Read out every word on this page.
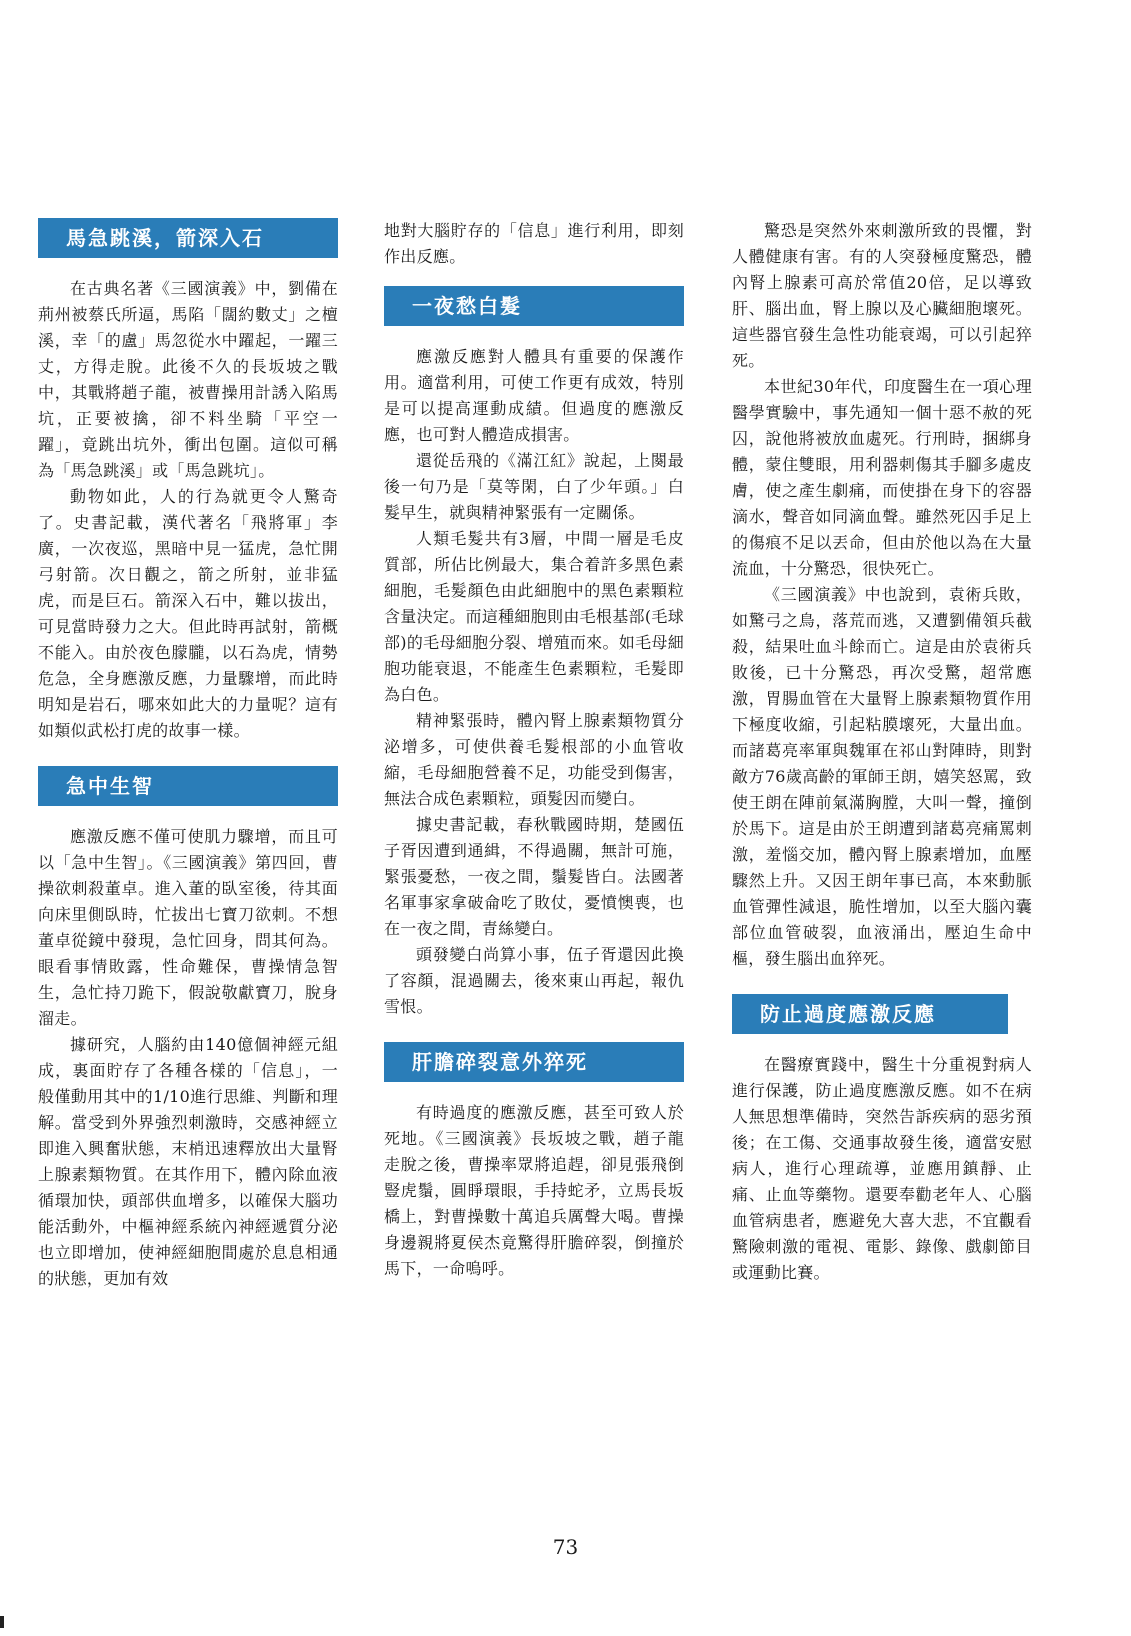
馬急跳溪，箭深入石

在古典名著《三國演義》中，劉備在荊州被蔡氏所逼，馬陷「闊約數丈」之檀溪，幸「的盧」馬忽從水中躍起，一躍三丈，方得走脫。此後不久的長坂坡之戰中，其戰將趙子龍，被曹操用計誘入陷馬坑，正要被擒，卻不料坐騎「平空一躍」，竟跳出坑外，衝出包圍。這似可稱為「馬急跳溪」或「馬急跳坑」。

動物如此，人的行為就更令人驚奇了。史書記載，漢代著名「飛將軍」李廣，一次夜巡，黑暗中見一猛虎，急忙開弓射箭。次日觀之，箭之所射，並非猛虎，而是巨石。箭深入石中，難以拔出，可見當時發力之大。但此時再試射，箭概不能入。由於夜色朦朧，以石為虎，情勢危急，全身應激反應，力量驟增，而此時明知是岩石，哪來如此大的力量呢？這有如類似武松打虎的故事一樣。

急中生智

應激反應不僅可使肌力驟增，而且可以「急中生智」。《三國演義》第四回，曹操欲刺殺董卓。進入董的臥室後，待其面向床里側臥時，忙拔出七寶刀欲刺。不想董卓從鏡中發現，急忙回身，問其何為。眼看事情敗露，性命難保，曹操情急智生，急忙持刀跪下，假說敬獻寶刀，脫身溜走。

據研究，人腦約由140億個神經元組成，裏面貯存了各種各樣的「信息」，一般僅動用其中的1/10進行思維、判斷和理解。當受到外界強烈刺激時，交感神經立即進入興奮狀態，末梢迅速釋放出大量腎上腺素類物質。在其作用下，體內除血液循環加快，頭部供血增多，以確保大腦功能活動外，中樞神經系統內神經遞質分泌也立即增加，使神經細胞間處於息息相通的狀態，更加有效

地對大腦貯存的「信息」進行利用，即刻作出反應。

一夜愁白髮

應激反應對人體具有重要的保護作用。適當利用，可使工作更有成效，特別是可以提高運動成績。但過度的應激反應，也可對人體造成損害。

還從岳飛的《滿江紅》說起，上闋最後一句乃是「莫等閑，白了少年頭。」白髮早生，就與精神緊張有一定關係。

人類毛髮共有3層，中間一層是毛皮質部，所佔比例最大，集合着許多黑色素細胞，毛髮顏色由此細胞中的黑色素顆粒含量決定。而這種細胞則由毛根基部(毛球部)的毛母細胞分裂、增殖而來。如毛母細胞功能衰退，不能產生色素顆粒，毛髮即為白色。

精神緊張時，體內腎上腺素類物質分泌增多，可使供養毛髮根部的小血管收縮，毛母細胞營養不足，功能受到傷害，無法合成色素顆粒，頭髮因而變白。

據史書記載，春秋戰國時期，楚國伍子胥因遭到通緝，不得過關，無計可施，緊張憂愁，一夜之間，鬚髮皆白。法國著名軍事家拿破侖吃了敗仗，憂憤懊喪，也在一夜之間，青絲變白。

頭發變白尚算小事，伍子胥還因此換了容顏，混過關去，後來東山再起，報仇雪恨。

肝膽碎裂意外猝死

有時過度的應激反應，甚至可致人於死地。《三國演義》長坂坡之戰，趙子龍走脫之後，曹操率眾將追趕，卻見張飛倒豎虎鬚，圓睜環眼，手持蛇矛，立馬長坂橋上，對曹操數十萬追兵厲聲大喝。曹操身邊親將夏侯杰竟驚得肝膽碎裂，倒撞於馬下，一命嗚呼。

驚恐是突然外來刺激所致的畏懼，對人體健康有害。有的人突發極度驚恐，體內腎上腺素可高於常值20倍，足以導致肝、腦出血，腎上腺以及心臟細胞壞死。這些器官發生急性功能衰竭，可以引起猝死。

本世紀30年代，印度醫生在一項心理醫學實驗中，事先通知一個十惡不赦的死囚，說他將被放血處死。行刑時，捆綁身體，蒙住雙眼，用利器刺傷其手腳多處皮膚，使之產生劇痛，而使掛在身下的容器滴水，聲音如同滴血聲。雖然死囚手足上的傷痕不足以丟命，但由於他以為在大量流血，十分驚恐，很快死亡。

《三國演義》中也說到，袁術兵敗，如驚弓之鳥，落荒而逃，又遭劉備領兵截殺，結果吐血斗餘而亡。這是由於袁術兵敗後，已十分驚恐，再次受驚，超常應激，胃腸血管在大量腎上腺素類物質作用下極度收縮，引起粘膜壞死，大量出血。而諸葛亮率軍與魏軍在祁山對陣時，則對敵方76歲高齡的軍師王朗，嬉笑怒罵，致使王朗在陣前氣滿胸膛，大叫一聲，撞倒於馬下。這是由於王朗遭到諸葛亮痛罵刺激，羞惱交加，體內腎上腺素增加，血壓驟然上升。又因王朗年事已高，本來動脈血管彈性減退，脆性增加，以至大腦內囊部位血管破裂，血液涌出，壓迫生命中樞，發生腦出血猝死。

防止過度應激反應

在醫療實踐中，醫生十分重視對病人進行保護，防止過度應激反應。如不在病人無思想準備時，突然告訴疾病的惡劣預後；在工傷、交通事故發生後，適當安慰病人，進行心理疏導，並應用鎮靜、止痛、止血等藥物。還要奉勸老年人、心腦血管病患者，應避免大喜大悲，不宜觀看驚險刺激的電視、電影、錄像、戲劇節目或運動比賽。

73
